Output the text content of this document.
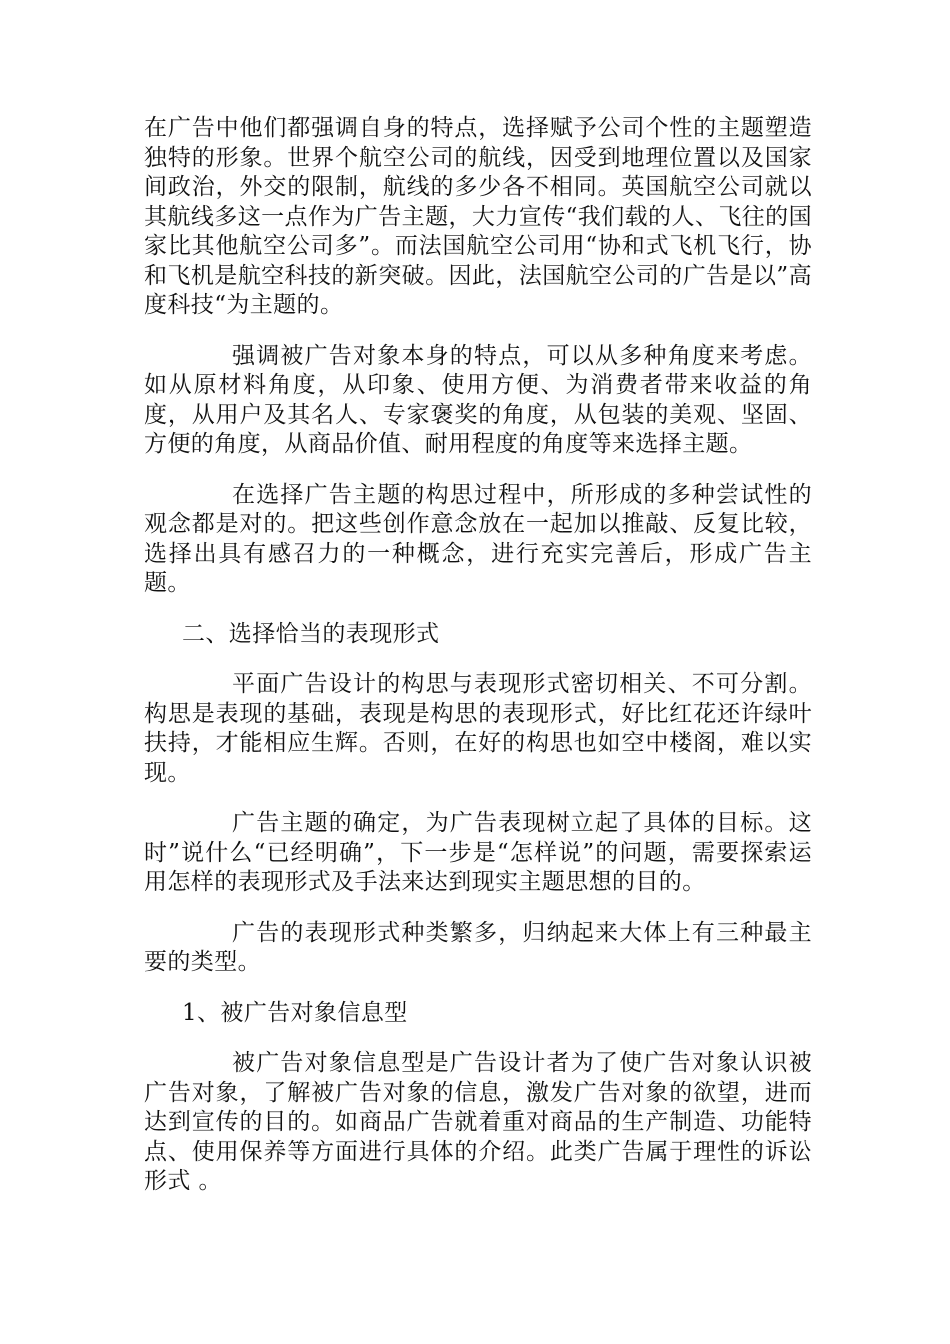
在广告中他们都强调自身的特点，选择赋予公司个性的主题塑造独特的形象。世界个航空公司的航线，因受到地理位置以及国家间政治，外交的限制，航线的多少各不相同。英国航空公司就以其航线多这一点作为广告主题，大力宣传“我们载的人、飞往的国家比其他航空公司多”。而法国航空公司用“协和式飞机飞行，协和飞机是航空科技的新突破。因此，法国航空公司的广告是以”高度科技“为主题的。

强调被广告对象本身的特点，可以从多种角度来考虑。如从原材料角度，从印象、使用方便、为消费者带来收益的角度，从用户及其名人、专家褒奖的角度，从包装的美观、坚固、方便的角度，从商品价值、耐用程度的角度等来选择主题。

在选择广告主题的构思过程中，所形成的多种尝试性的观念都是对的。把这些创作意念放在一起加以推敲、反复比较，选择出具有感召力的一种概念，进行充实完善后，形成广告主题。

二、选择恰当的表现形式

平面广告设计的构思与表现形式密切相关、不可分割。构思是表现的基础，表现是构思的表现形式，好比红花还许绿叶扶持，才能相应生辉。否则，在好的构思也如空中楼阁，难以实现。

广告主题的确定，为广告表现树立起了具体的目标。这时”说什么“已经明确”，下一步是“怎样说”的问题，需要探索运用怎样的表现形式及手法来达到现实主题思想的目的。

广告的表现形式种类繁多，归纳起来大体上有三种最主要的类型。

1、被广告对象信息型

被广告对象信息型是广告设计者为了使广告对象认识被广告对象，了解被广告对象的信息，激发广告对象的欲望，进而达到宣传的目的。如商品广告就着重对商品的生产制造、功能特点、使用保养等方面进行具体的介绍。此类广告属于理性的诉讼形式 。
